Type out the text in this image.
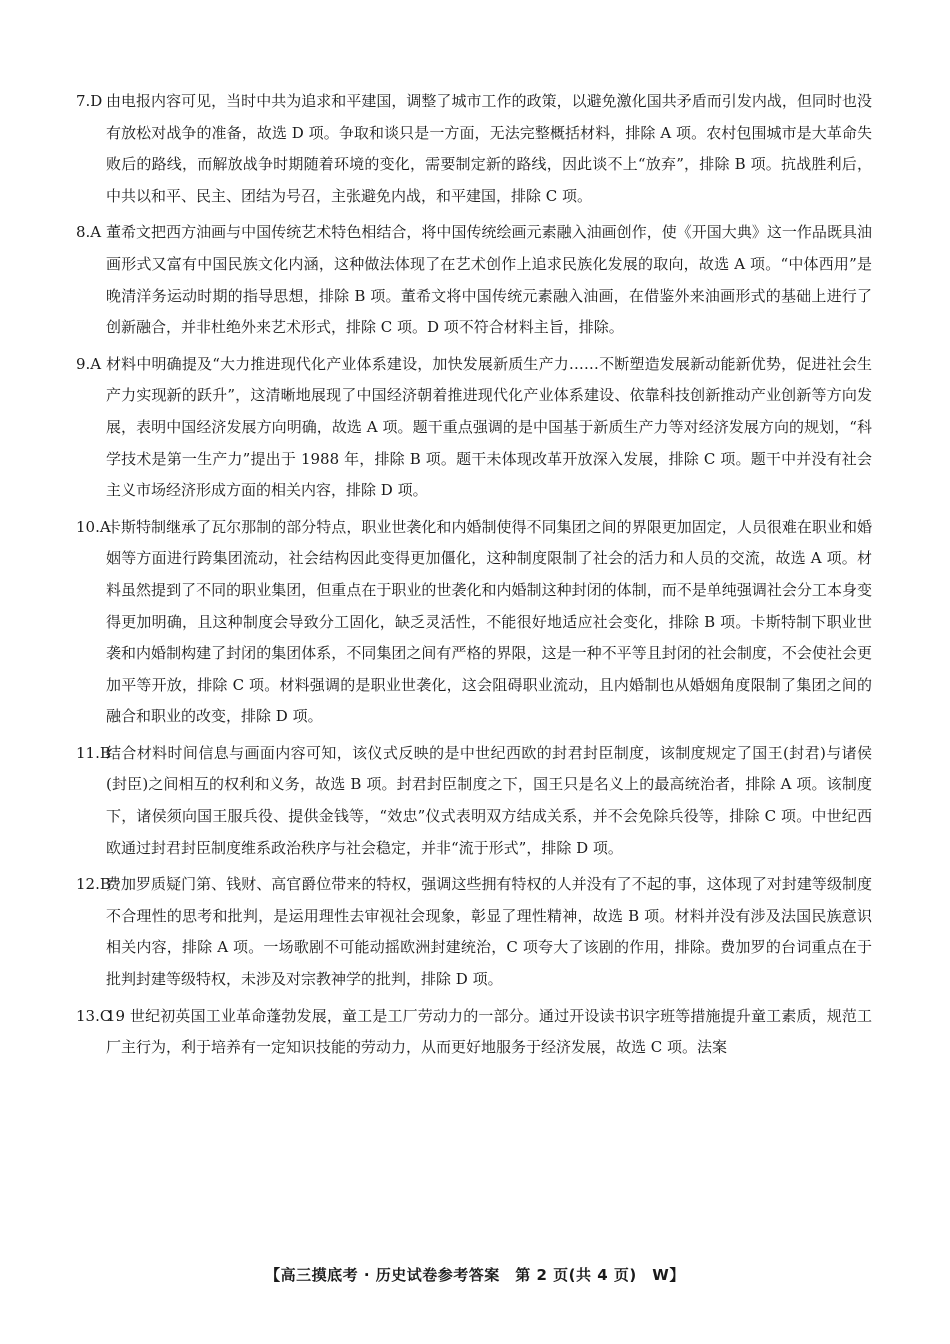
7.D 由电报内容可见，当时中共为追求和平建国，调整了城市工作的政策，以避免激化国共矛盾而引发内战，但同时也没有放松对战争的准备，故选 D 项。争取和谈只是一方面，无法完整概括材料，排除 A 项。农村包围城市是大革命失败后的路线，而解放战争时期随着环境的变化，需要制定新的路线，因此谈不上“放弃”，排除 B 项。抗战胜利后，中共以和平、民主、团结为号召，主张避免内战，和平建国，排除 C 项。
8.A 董希文把西方油画与中国传统艺术特色相结合，将中国传统绘画元素融入油画创作，使《开国大典》这一作品既具油画形式又富有中国民族文化内涵，这种做法体现了在艺术创作上追求民族化发展的取向，故选 A 项。“中体西用”是晚清洋务运动时期的指导思想，排除 B 项。董希文将中国传统元素融入油画，在借鉴外来油画形式的基础上进行了创新融合，并非杜绝外来艺术形式，排除 C 项。D 项不符合材料主旨，排除。
9.A 材料中明确提及“大力推进现代化产业体系建设，加快发展新质生产力……不断塑造发展新动能新优势，促进社会生产力实现新的跃升”，这清晰地展现了中国经济朝着推进现代化产业体系建设、依靠科技创新推动产业创新等方向发展，表明中国经济发展方向明确，故选 A 项。题干重点强调的是中国基于新质生产力等对经济发展方向的规划，“科学技术是第一生产力”提出于 1988 年，排除 B 项。题干未体现改革开放深入发展，排除 C 项。题干中并没有社会主义市场经济形成方面的相关内容，排除 D 项。
10.A
卡斯特制继承了瓦尔那制的部分特点，职业世袭化和内婚制使得不同集团之间的界限更加固定，人员很难在职业和婚姻等方面进行跨集团流动，社会结构因此变得更加僵化，这种制度限制了社会的活力和人员的交流，故选 A 项。材料虽然提到了不同的职业集团，但重点在于职业的世袭化和内婚制这种封闭的体制，而不是单纯强调社会分工本身变得更加明确，且这种制度会导致分工固化，缺乏灵活性，不能很好地适应社会变化，排除 B 项。卡斯特制下职业世袭和内婚制构建了封闭的集团体系，不同集团之间有严格的界限，这是一种不平等且封闭的社会制度，不会使社会更加平等开放，排除 C 项。材料强调的是职业世袭化，这会阻碍职业流动，且内婚制也从婚姻角度限制了集团之间的融合和职业的改变，排除 D 项。
11.B
结合材料时间信息与画面内容可知，该仪式反映的是中世纪西欧的封君封臣制度，该制度规定了国王(封君)与诸侯(封臣)之间相互的权利和义务，故选 B 项。封君封臣制度之下，国王只是名义上的最高统治者，排除 A 项。该制度下，诸侯须向国王服兵役、提供金钱等，“效忠”仪式表明双方结成关系，并不会免除兵役等，排除 C 项。中世纪西欧通过封君封臣制度维系政治秩序与社会稳定，并非“流于形式”，排除 D 项。
12.B
费加罗质疑门第、钱财、高官爵位带来的特权，强调这些拥有特权的人并没有了不起的事，这体现了对封建等级制度不合理性的思考和批判，是运用理性去审视社会现象，彰显了理性精神，故选 B 项。材料并没有涉及法国民族意识相关内容，排除 A 项。一场歌剧不可能动摇欧洲封建统治，C 项夸大了该剧的作用，排除。费加罗的台词重点在于批判封建等级特权，未涉及对宗教神学的批判，排除 D 项。
13.C
19 世纪初英国工业革命蓬勃发展，童工是工厂劳动力的一部分。通过开设读书识字班等措施提升童工素质，规范工厂主行为，利于培养有一定知识技能的劳动力，从而更好地服务于经济发展，故选 C 项。法案
【高三摸底考 · 历史试卷参考答案　第 2 页(共 4 页)　W】
